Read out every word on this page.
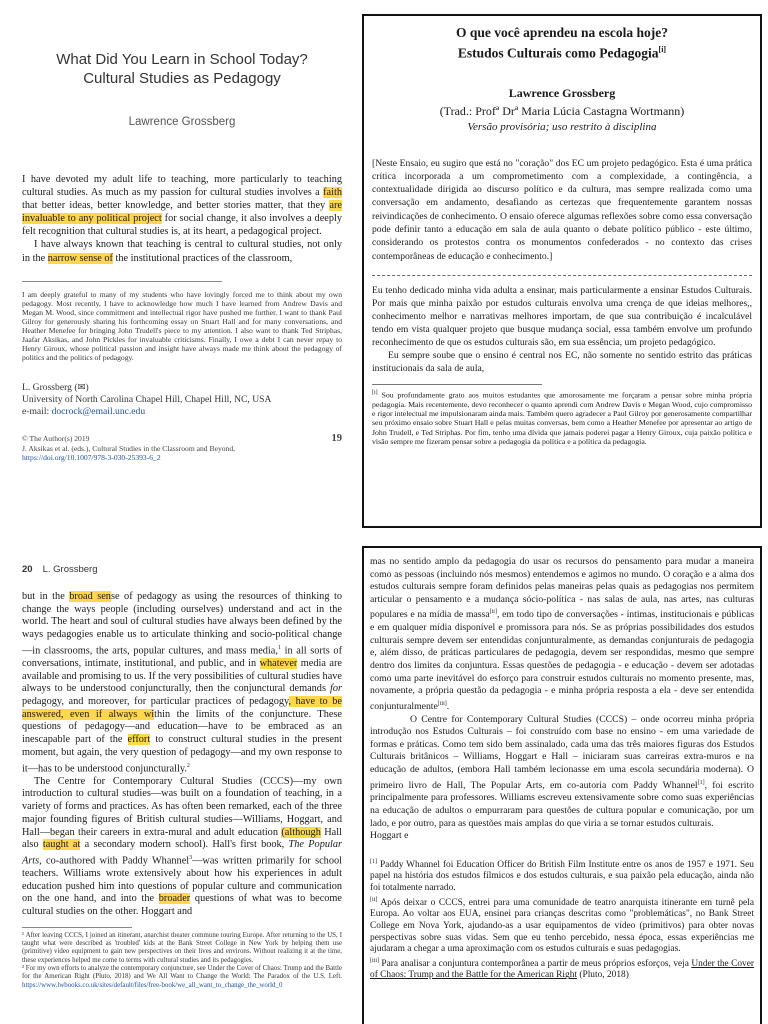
What Did You Learn in School Today?
Cultural Studies as Pedagogy
Lawrence Grossberg

I have devoted my adult life to teaching, more particularly to teaching cultural studies. As much as my passion for cultural studies involves a faith that better ideas, better knowledge, and better stories matter, that they are invaluable to any political project for social change, it also involves a deeply felt recognition that cultural studies is, at its heart, a pedagogical project.

I have always known that teaching is central to cultural studies, not only in the narrow sense of the institutional practices of the classroom,

I am deeply grateful to many of my students who have lovingly forced me to think about my own pedagogy. Most recently, I have to acknowledge how much I have learned from Andrew Davis and Megan M. Wood, since commitment and intellectual rigor have pushed me further. I want to thank Paul Gilroy for generously sharing his forthcoming essay on Stuart Hall and for many conversations, and Heather Menefee for bringing John Trudell's piece to my attention. I also want to thank Ted Striphas, Jaafar Aksikas, and John Pickles for invaluable criticisms. Finally, I owe a debt I can never repay to Henry Giroux, whose political passion and insight have always made me think about the pedagogy of politics and the politics of pedagogy.
L. Grossberg (✉)
University of North Carolina Chapel Hill, Chapel Hill, NC, USA
e-mail: docrock@email.unc.edu
© The Author(s) 2019
J. Aksikas et al. (eds.), Cultural Studies in the Classroom and Beyond,
https://doi.org/10.1007/978-3-030-25393-6_2
19
O que você aprendeu na escola hoje?
Estudos Culturais como Pedagogia[i]
Lawrence Grossberg
(Trad.: Profª Drª Maria Lúcia Castagna Wortmann)
Versão provisória; uso restrito à disciplina
[Neste Ensaio, eu sugiro que está no "coração" dos EC um projeto pedagógico. Esta é uma prática crítica incorporada a um comprometimento com a complexidade, a contingência, a contextualidade dirigida ao discurso político e da cultura, mas sempre realizada como uma conversação em andamento, desafiando as certezas que frequentemente garantem nossas reivindicações de conhecimento. O ensaio oferece algumas reflexões sobre como essa conversação pode definir tanto a educação em sala de aula quanto o debate político público - este último, considerando os protestos contra os monumentos confederados - no contexto das crises contemporâneas de educação e conhecimento.]

Eu tenho dedicado minha vida adulta a ensinar, mais particularmente a ensinar Estudos Culturais. Por mais que minha paixão por estudos culturais envolva uma crença de que ideias melhores,, conhecimento melhor e narrativas melhores importam, de que sua contribuição é incalculável tendo em vista qualquer projeto que busque mudança social, essa também envolve um profundo reconhecimento de que os estudos culturais são, em sua essência, um projeto pedagógico.

Eu sempre soube que o ensino é central nos EC, não somente no sentido estrito das práticas institucionais da sala de aula,

[i] Sou profundamente grato aos muitos estudantes que amorosamente me forçaram a pensar sobre minha própria pedagogia. Mais recentemente, devo reconhecer o quanto aprendi com Andrew Davis e Megan Wood, cujo compromisso e rigor intelectual me impulsionaram ainda mais. Também quero agradecer a Paul Gilroy por generosamente compartilhar seu próximo ensaio sobre Stuart Hall e pelas muitas conversas, bem como a Heather Menefee por apresentar ao artigo de John Trudell, e Ted Striphas. Por fim, tenho uma dívida que jamais poderei pagar a Henry Giroux, cuja paixão política e visão sempre me fizeram pensar sobre a pedagogia da política e a política da pedagogia.
20 L. Grossberg

but in the broad sense of pedagogy as using the resources of thinking to change the ways people (including ourselves) understand and act in the world. The heart and soul of cultural studies have always been defined by the ways pedagogies enable us to articulate thinking and socio-political change—in classrooms, the arts, popular cultures, and mass media,$^1$ in all sorts of conversations, intimate, institutional, and public, and in whatever media are available and promising to us. If the very possibilities of cultural studies have always to be understood conjuncturally, then the conjunctural demands for pedagogy, and moreover, for particular practices of pedagogy, have to be answered, even if always within the limits of the conjuncture. These questions of pedagogy—and education—have to be embraced as an inescapable part of the effort to construct cultural studies in the present moment, but again, the very question of pedagogy—and my own response to it—has to be understood conjuncturally.$^2$

The Centre for Contemporary Cultural Studies (CCCS)—my own introduction to cultural studies—was built on a foundation of teaching, in a variety of forms and practices. As has often been remarked, each of the three major founding figures of British cultural studies—Williams, Hoggart, and Hall—began their careers in extra-mural and adult education (although Hall also taught at a secondary modern school). Hall's first book, The Popular Arts, co-authored with Paddy Whannel$^3$—was written primarily for school teachers. Williams wrote extensively about how his experiences in adult education pushed him into questions of popular culture and communication on the one hand, and into the broader questions of what was to become cultural studies on the other. Hoggart and

¹ After leaving CCCS, I joined an itinerant, anarchist theater commune touring Europe. After returning to the US, I taught what were described as 'troubled' kids at the Bank Street College in New York by helping them use (primitive) video equipment to gain new perspectives on their lives and environs. Without realizing it at the time, these experiences helped me come to terms with cultural studies and its pedagogies.
² For my own efforts to analyze the contemporary conjuncture, see Under the Cover of Chaos: Trump and the Battle for the American Right (Pluto, 2018) and We All Want to Change the World: The Paradox of the U.S. Left. https://www.lwbooks.co.uk/sites/default/files/free-book/we_all_want_to_change_the_world_0

mas no sentido amplo da pedagogia do usar os recursos do pensamento para mudar a maneira como as pessoas (incluindo nós mesmos) entendemos e agimos no mundo. O coração e a alma dos estudos culturais sempre foram definidos pelas maneiras pelas quais as pedagogias nos permitem articular o pensamento e a mudança sócio-política - nas salas de aula, nas artes, nas culturas populares e na mídia de massa[ii], em todo tipo de conversações - íntimas, institucionais e públicas e em qualquer mídia disponível e promissora para nós. Se as próprias possibilidades dos estudos culturais sempre devem ser entendidas conjunturalmente, as demandas conjunturais de pedagogia e, além disso, de práticas particulares de pedagogia, devem ser respondidas, mesmo que sempre dentro dos limites da conjuntura. Essas questões de pedagogia - e educação - devem ser adotadas como uma parte inevitável do esforço para construir estudos culturais no momento presente, mas, novamente, a própria questão da pedagogia - e minha própria resposta a ela - deve ser entendida conjunturalmente[iii].

O Centre for Contemporary Cultural Studies (CCCS) – onde ocorreu minha própria introdução nos Estudos Culturais – foi construído com base no ensino - em uma variedade de formas e práticas. Como tem sido bem assinalado, cada uma das três maiores figuras dos Estudos Culturais britânicos – Williams, Hoggart e Hall – iniciaram suas carreiras extra-muros e na educação de adultos, (embora Hall também lecionasse em uma escola secundária moderna). O primeiro livro de Hall, The Popular Arts, em co-autoria com Paddy Whannel[1], foi escrito principalmente para professores. Williams escreveu extensivamente sobre como suas experiências na educação de adultos o empurraram para questões de cultura popular e comunicação, por um lado, e por outro, para as questões mais amplas do que viria a se tornar estudos culturais.

Hoggart e

[1] Paddy Whannel foi Education Officer do British Film Institute entre os anos de 1957 e 1971. Seu papel na história dos estudos fílmicos e dos estudos culturais, e sua paixão pela educação, ainda não foi totalmente narrado.

[ii] Após deixar o CCCS, entrei para uma comunidade de teatro anarquista itinerante em turnê pela Europa. Ao voltar aos EUA, ensinei para crianças descritas como "problemáticas", no Bank Street College em Nova York, ajudando-as a usar equipamentos de vídeo (primitivos) para obter novas perspectivas sobre suas vidas. Sem que eu tenho percebido, nessa época, essas experiências me ajudaram a chegar a uma aproximação com os estudos culturais e suas pedagogias.

[iii] Para analisar a conjuntura contemporânea a partir de meus próprios esforços, veja Under the Cover of Chaos: Trump and the Battle for the American Right (Pluto, 2018)
